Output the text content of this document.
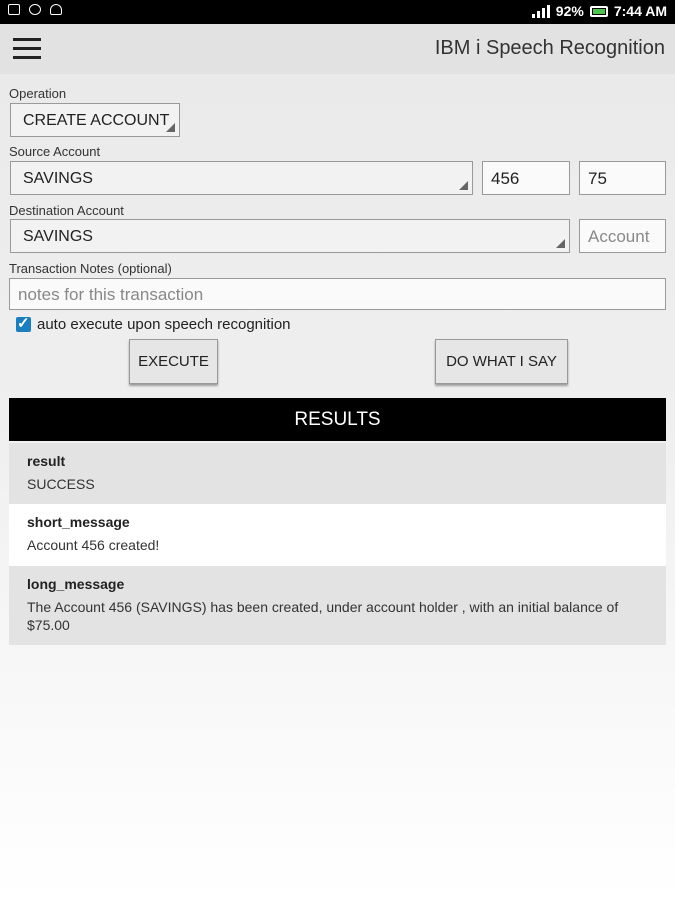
92% 7:44 AM
IBM i Speech Recognition
Operation
CREATE ACCOUNT
Source Account
SAVINGS	456	75
Destination Account
SAVINGS	Account
Transaction Notes (optional)
notes for this transaction
✓
auto execute upon speech recognition
EXECUTE	DO WHAT I SAY
RESULTS
result
SUCCESS
short_message
Account 456 created!
long_message
The Account 456 (SAVINGS) has been created, under account holder , with an initial balance of $75.00
